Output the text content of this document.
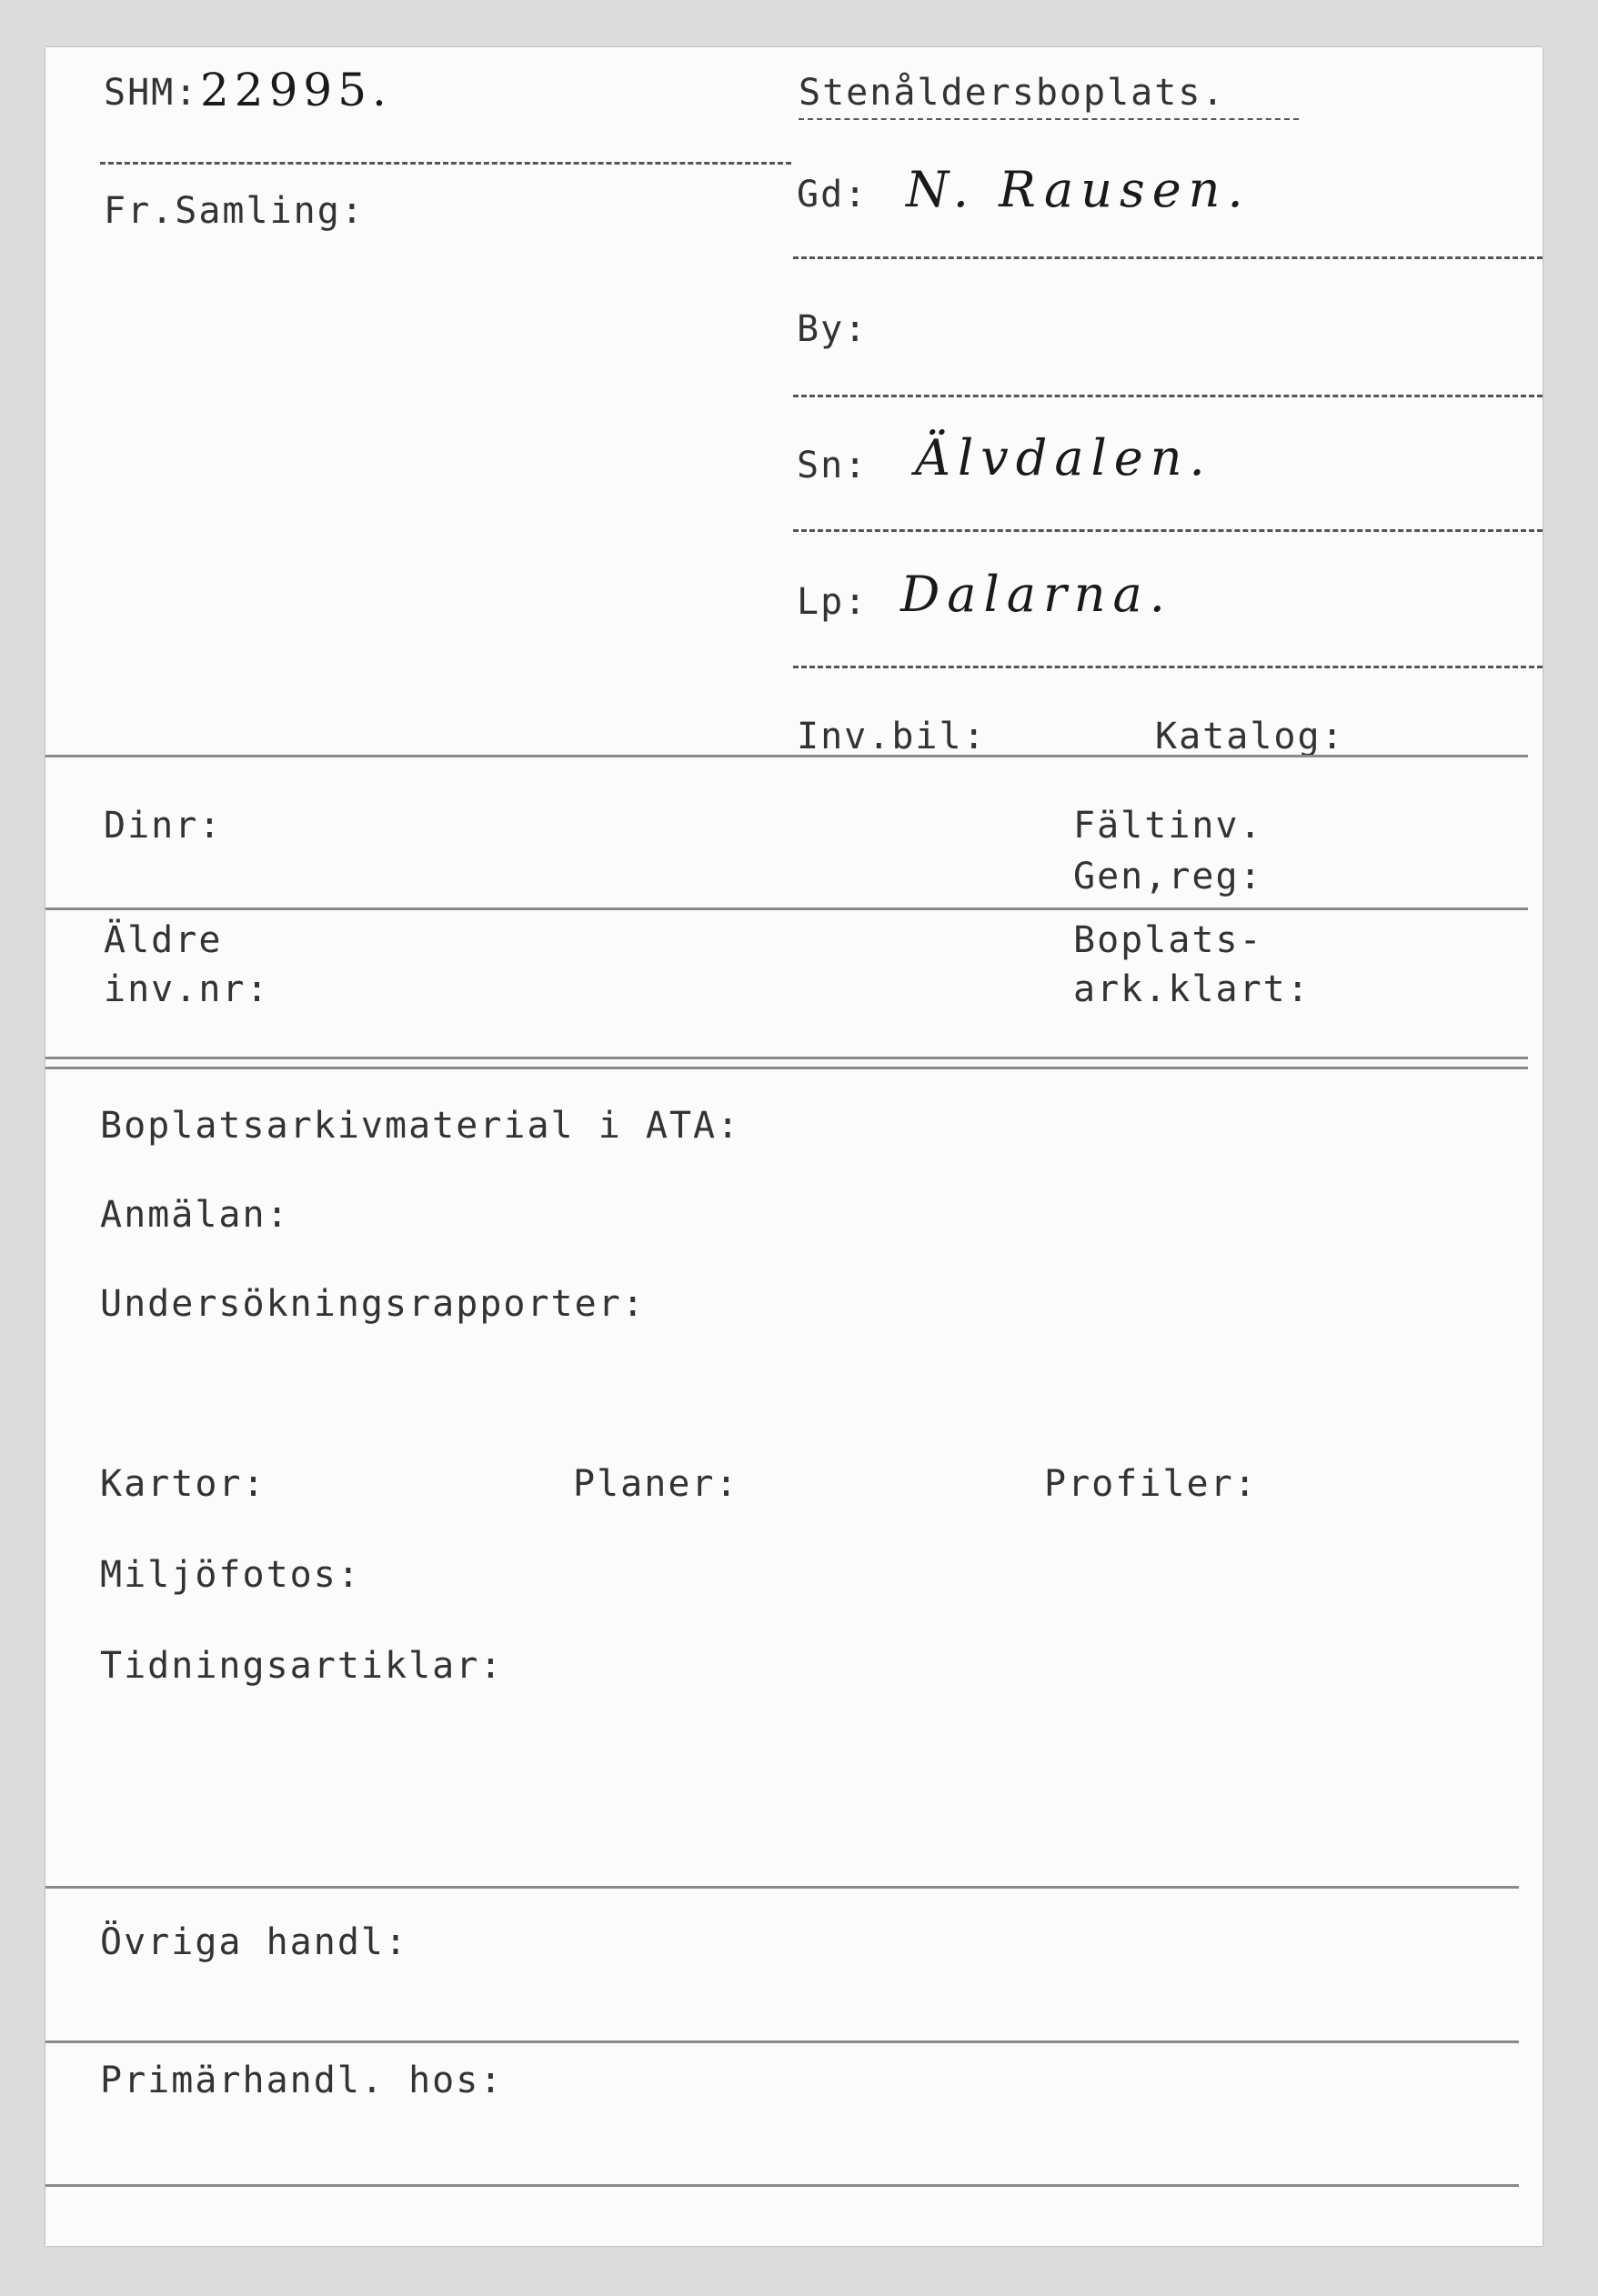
SHM: 22995.	Stenåldersboplats.
Fr.Samling:	Gd: N. Rausen.
By:
Sn: Älvdalen.
Lp: Dalarna.
Inv.bil:	Katalog:
Dinr:	Fältinv.
Gen,reg:
Äldre
inv.nr:
Boplats-
ark.klart:
Boplatsarkivmaterial i ATA:
Anmälan:
Undersökningsrapporter:
Kartor:	Planer:	Profiler:
Miljöfotos:
Tidningsartiklar:
Övriga handl:
Primärhandl. hos:
